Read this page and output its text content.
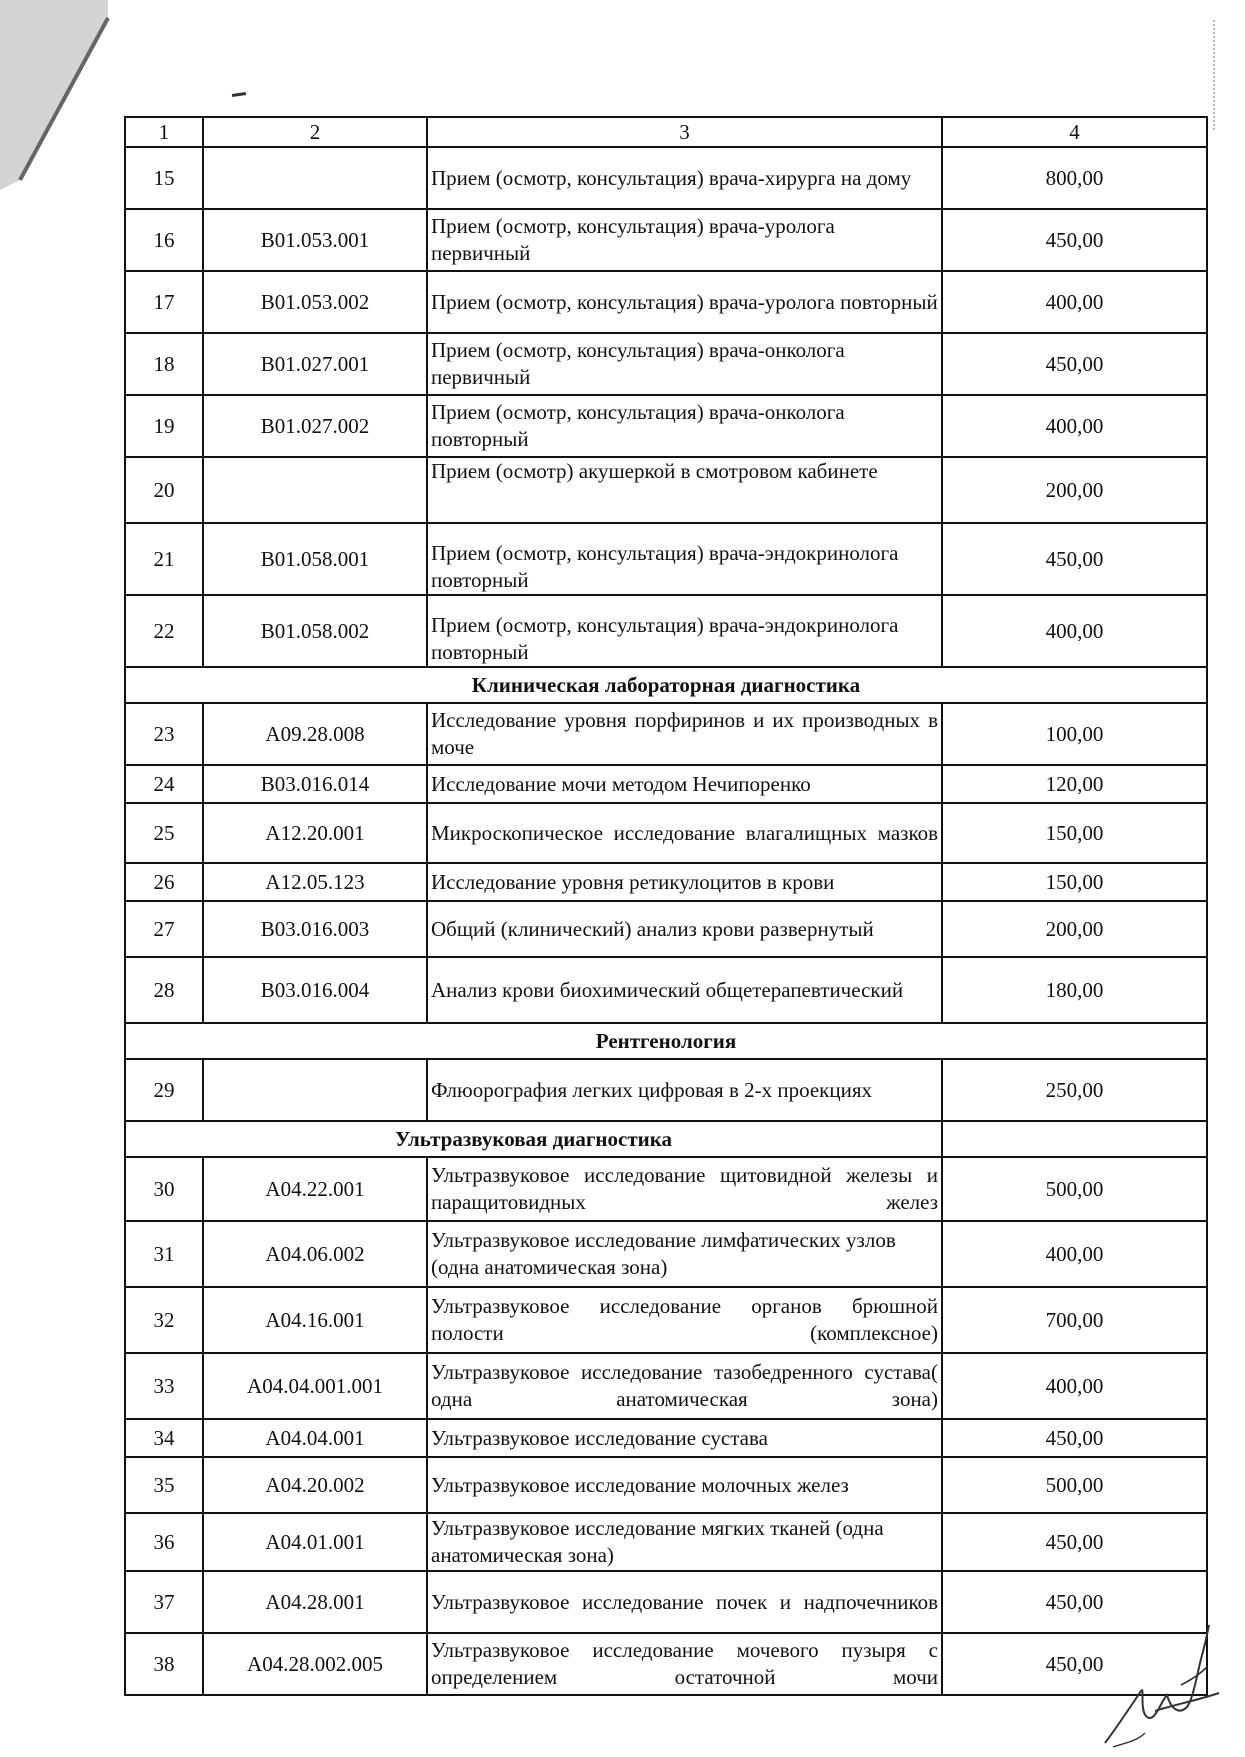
1	2	3	4
15		Прием (осмотр, консультация) врача-хирурга на дому	800,00
16	B01.053.001	Прием (осмотр, консультация) врача-уролога первичный	450,00
17	B01.053.002	Прием (осмотр, консультация) врача-уролога повторный	400,00
18	B01.027.001	Прием (осмотр, консультация) врача-онколога первичный	450,00
19	B01.027.002	Прием (осмотр, консультация) врача-онколога повторный	400,00
20		Прием (осмотр) акушеркой в смотровом кабинете	200,00
21	B01.058.001	Прием (осмотр, консультация) врача-эндокринолога повторный	450,00
22	B01.058.002	Прием (осмотр, консультация) врача-эндокринолога повторный	400,00
Клиническая лабораторная диагностика			
23	A09.28.008	Исследование уровня порфиринов и их производных в моче	100,00
24	B03.016.014	Исследование мочи методом Нечипоренко	120,00
25	A12.20.001	Микроскопическое исследование влагалищных мазков	150,00
26	A12.05.123	Исследование уровня ретикулоцитов в крови	150,00
27	B03.016.003	Общий (клинический) анализ крови развернутый	200,00
28	B03.016.004	Анализ крови биохимический общетерапевтический	180,00
Рентгенология			
29		Флюорография легких цифровая в 2-х проекциях	250,00
Ультразвуковая диагностика			
30	A04.22.001	Ультразвуковое исследование щитовидной железы и паращитовидных желез	500,00
31	A04.06.002	Ультразвуковое исследование лимфатических узлов (одна анатомическая зона)	400,00
32	A04.16.001	Ультразвуковое исследование органов брюшной полости (комплексное)	700,00
33	A04.04.001.001	Ультразвуковое исследование тазобедренного сустава( одна анатомическая зона)	400,00
34	A04.04.001	Ультразвуковое исследование сустава	450,00
35	A04.20.002	Ультразвуковое исследование молочных желез	500,00
36	A04.01.001	Ультразвуковое исследование мягких тканей (одна анатомическая зона)	450,00
37	A04.28.001	Ультразвуковое исследование почек и надпочечников	450,00
38	A04.28.002.005	Ультразвуковое исследование мочевого пузыря с определением остаточной мочи	450,00
